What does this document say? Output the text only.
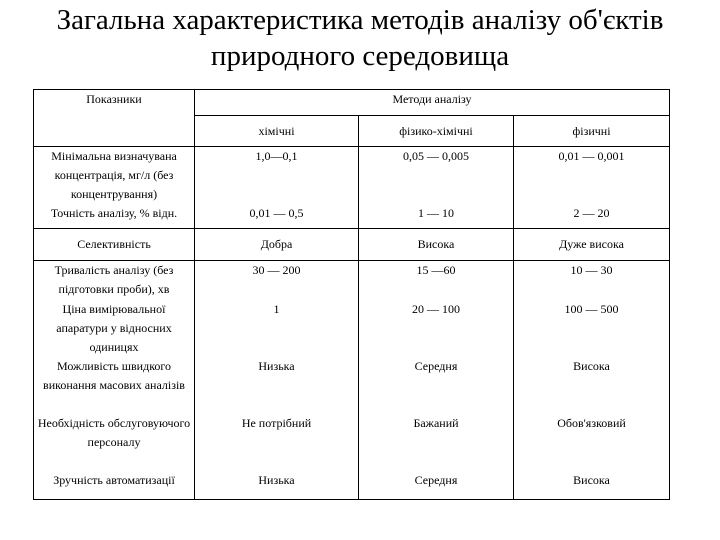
Загальна характеристика методів аналізу об'єктів
природного середовища
Показники	Методи аналізу		
	хімічні	фізико-хімічні	фізичні
Мінімальна визначувана концентрація, мг/л (без концентрування)	1,0—0,1	0,05 — 0,005	0,01 — 0,001
Точність аналізу, % відн.	0,01 — 0,5	1 — 10	2 — 20
Селективність	Добра	Висока	Дуже висока
Тривалість аналізу (без підготовки проби), хв	30 — 200	15 —60	10 — 30
Ціна вимірювальної апаратури у відносних одиницях	1	20 — 100	100 — 500
Можливість швидкого виконання масових аналізів	Низька	Середня	Висока
Необхідність обслуговуючого персоналу	Не потрібний	Бажаний	Обов'язковий
Зручність автоматизації	Низька	Середня	Висока
